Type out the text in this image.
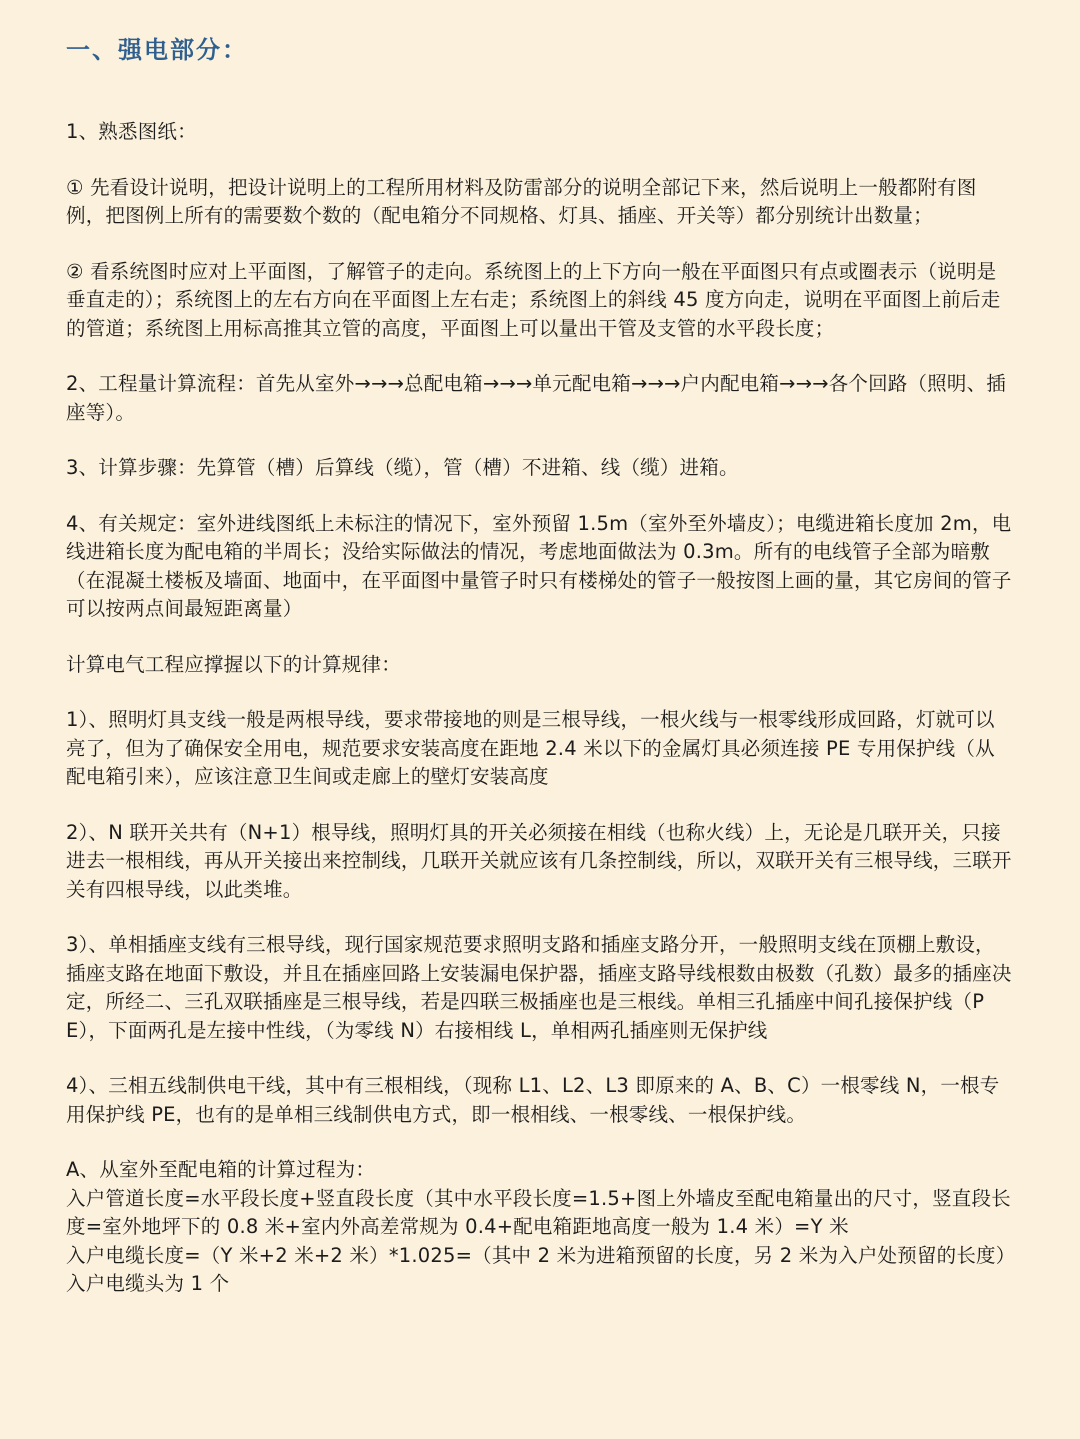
一、强电部分：

1、熟悉图纸：

① 先看设计说明，把设计说明上的工程所用材料及防雷部分的说明全部记下来，然后说明上一般都附有图例，把图例上所有的需要数个数的（配电箱分不同规格、灯具、插座、开关等）都分别统计出数量；

② 看系统图时应对上平面图，了解管子的走向。系统图上的上下方向一般在平面图只有点或圈表示（说明是垂直走的）；系统图上的左右方向在平面图上左右走；系统图上的斜线 45 度方向走，说明在平面图上前后走的管道；系统图上用标高推其立管的高度，平面图上可以量出干管及支管的水平段长度；

2、工程量计算流程：首先从室外→→→总配电箱→→→单元配电箱→→→户内配电箱→→→各个回路（照明、插座等）。

3、计算步骤：先算管（槽）后算线（缆），管（槽）不进箱、线（缆）进箱。

4、有关规定：室外进线图纸上未标注的情况下，室外预留 1.5m（室外至外墙皮）；电缆进箱长度加 2m，电线进箱长度为配电箱的半周长；没给实际做法的情况，考虑地面做法为 0.3m。所有的电线管子全部为暗敷（在混凝土楼板及墙面、地面中，在平面图中量管子时只有楼梯处的管子一般按图上画的量，其它房间的管子可以按两点间最短距离量）

计算电气工程应撑握以下的计算规律：

1）、照明灯具支线一般是两根导线，要求带接地的则是三根导线，一根火线与一根零线形成回路，灯就可以亮了，但为了确保安全用电，规范要求安装高度在距地 2.4 米以下的金属灯具必须连接 PE 专用保护线（从配电箱引来），应该注意卫生间或走廊上的壁灯安装高度

2）、N 联开关共有（N+1）根导线，照明灯具的开关必须接在相线（也称火线）上，无论是几联开关，只接进去一根相线，再从开关接出来控制线，几联开关就应该有几条控制线，所以，双联开关有三根导线，三联开关有四根导线，以此类堆。

3）、单相插座支线有三根导线，现行国家规范要求照明支路和插座支路分开，一般照明支线在顶棚上敷设，插座支路在地面下敷设，并且在插座回路上安装漏电保护器，插座支路导线根数由极数（孔数）最多的插座决定，所经二、三孔双联插座是三根导线，若是四联三极插座也是三根线。单相三孔插座中间孔接保护线（PE），下面两孔是左接中性线，（为零线 N）右接相线 L，单相两孔插座则无保护线

4）、三相五线制供电干线，其中有三根相线，（现称 L1、L2、L3 即原来的 A、B、C）一根零线 N，一根专用保护线 PE，也有的是单相三线制供电方式，即一根相线、一根零线、一根保护线。

A、从室外至配电箱的计算过程为：
入户管道长度=水平段长度+竖直段长度（其中水平段长度=1.5+图上外墙皮至配电箱量出的尺寸，竖直段长度=室外地坪下的 0.8 米+室内外高差常规为 0.4+配电箱距地高度一般为 1.4 米）=Y 米
入户电缆长度=（Y 米+2 米+2 米）*1.025=（其中 2 米为进箱预留的长度，另 2 米为入户处预留的长度）
入户电缆头为 1 个
